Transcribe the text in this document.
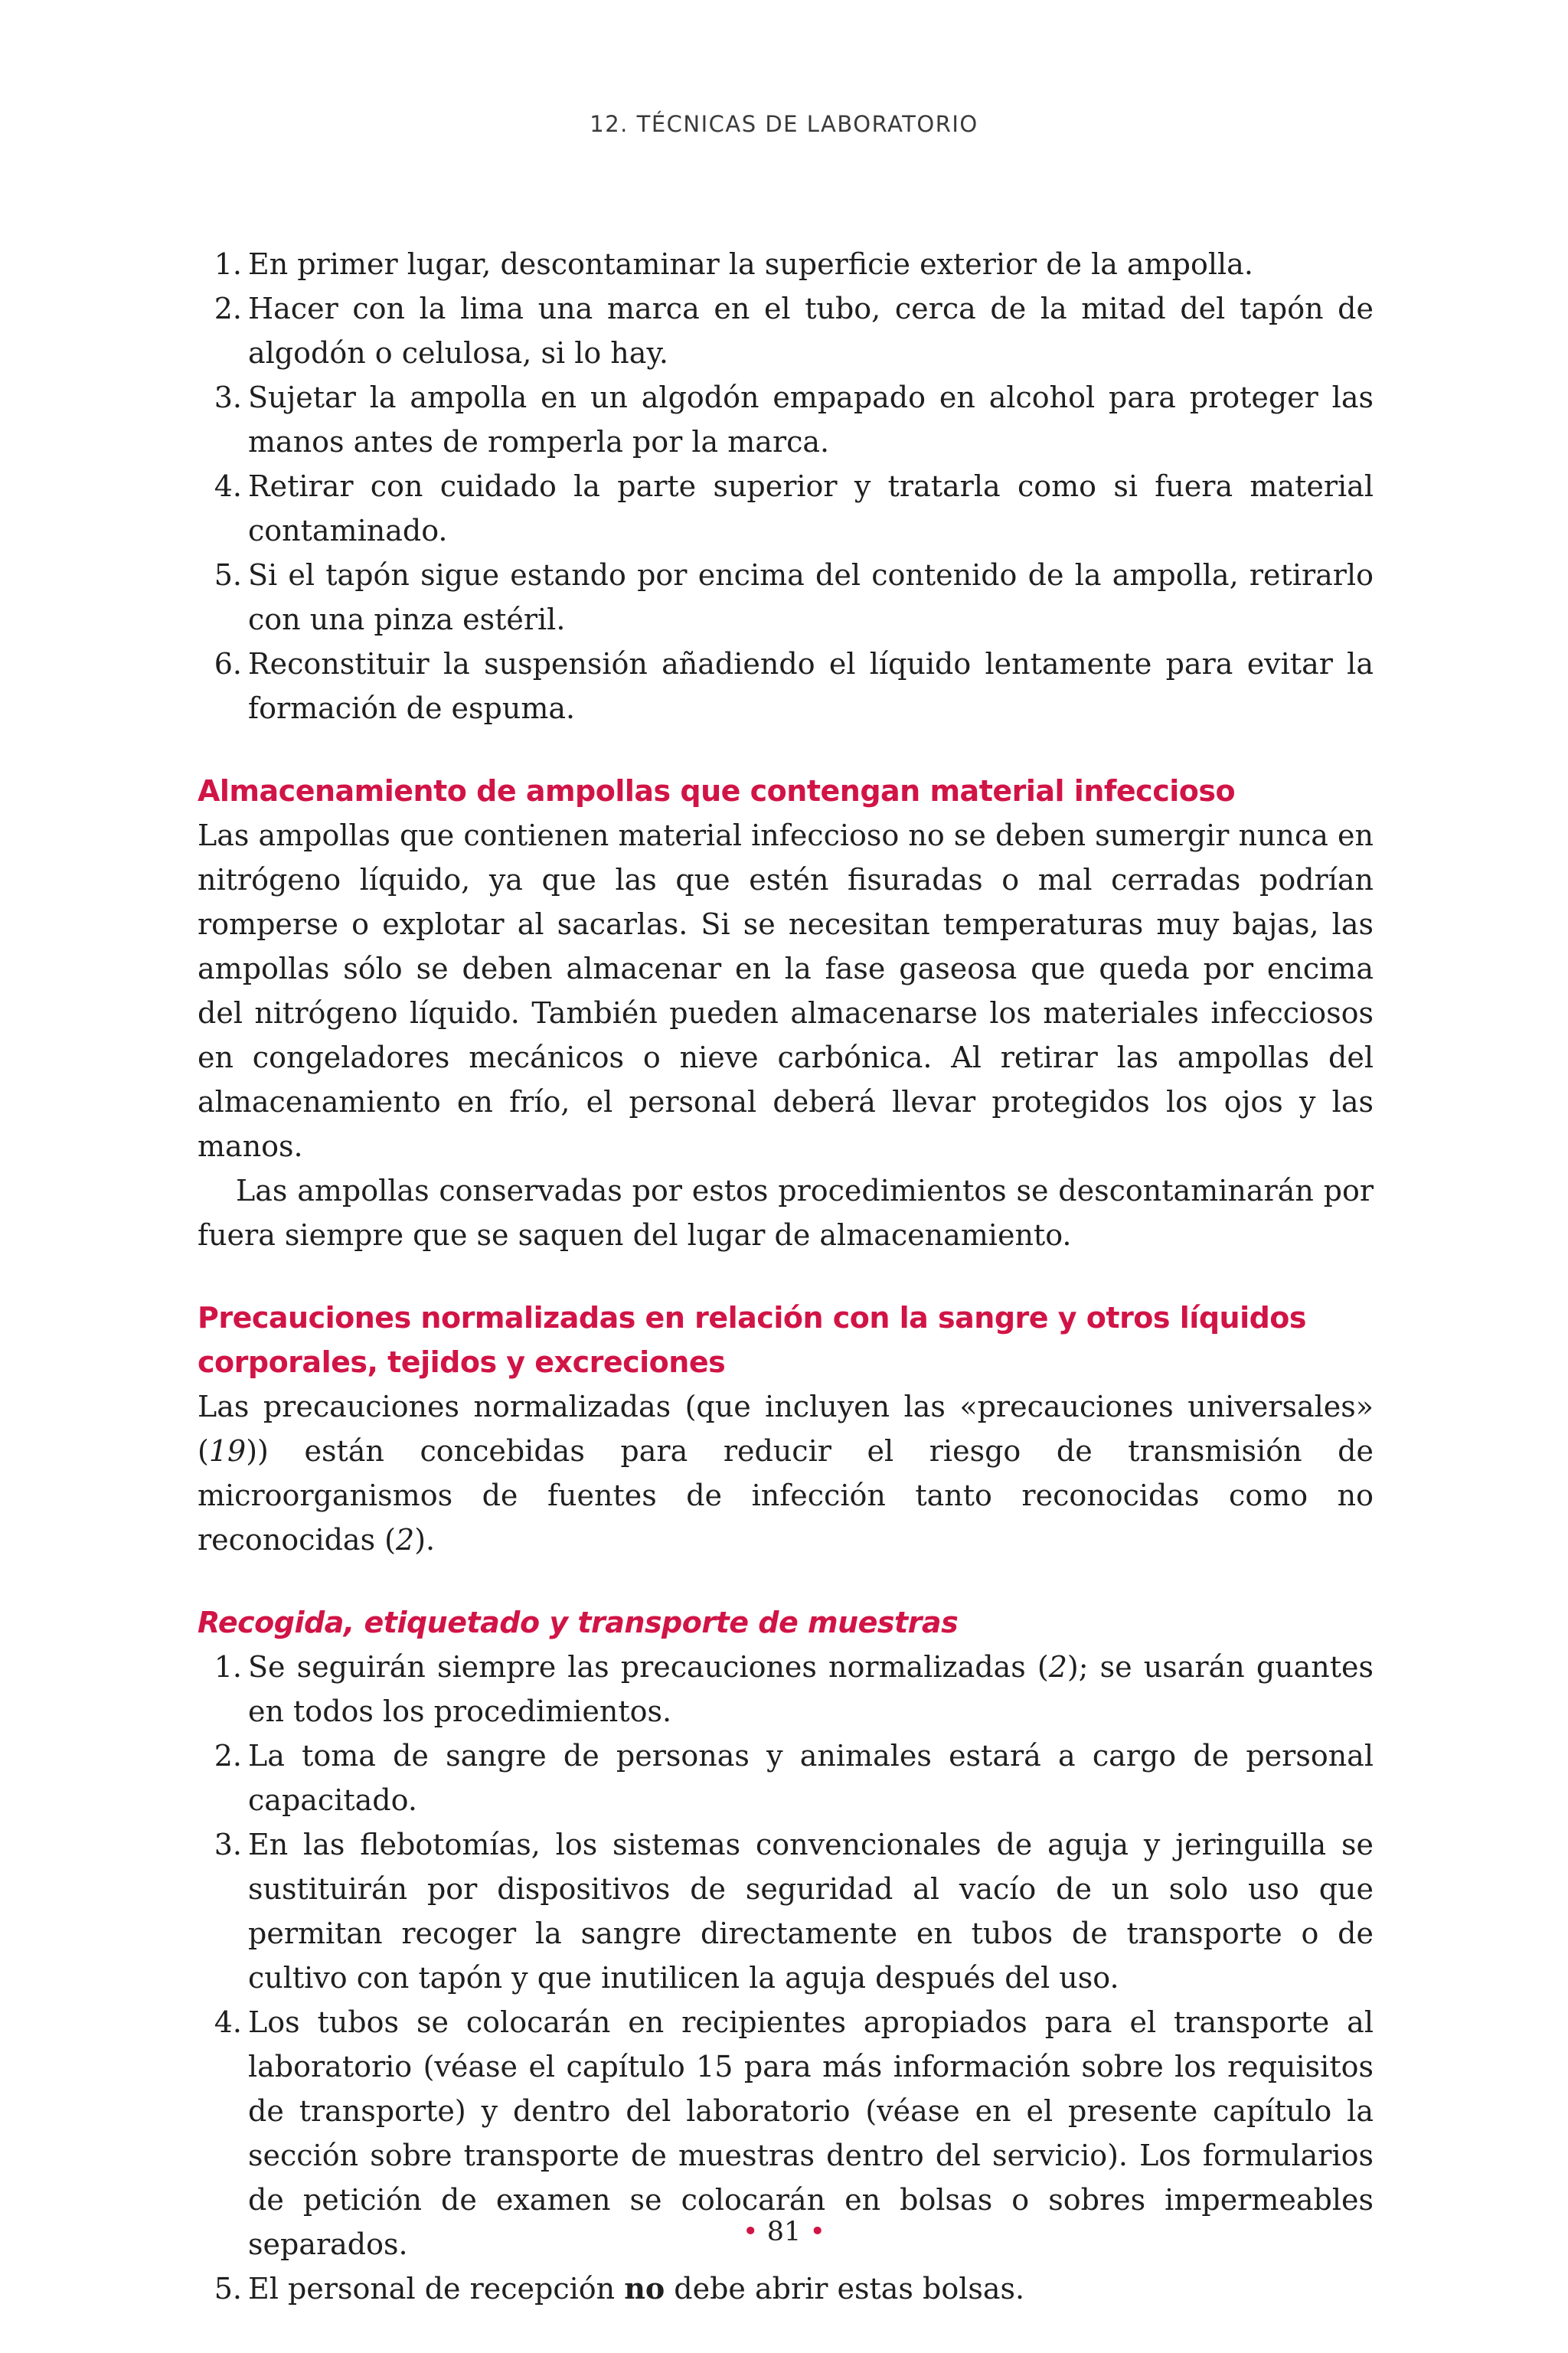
12. TÉCNICAS DE LABORATORIO
1. En primer lugar, descontaminar la superficie exterior de la ampolla.
2. Hacer con la lima una marca en el tubo, cerca de la mitad del tapón de algodón o celulosa, si lo hay.
3. Sujetar la ampolla en un algodón empapado en alcohol para proteger las manos antes de romperla por la marca.
4. Retirar con cuidado la parte superior y tratarla como si fuera material contaminado.
5. Si el tapón sigue estando por encima del contenido de la ampolla, retirarlo con una pinza estéril.
6. Reconstituir la suspensión añadiendo el líquido lentamente para evitar la formación de espuma.
Almacenamiento de ampollas que contengan material infeccioso

Las ampollas que contienen material infeccioso no se deben sumergir nunca en nitrógeno líquido, ya que las que estén fisuradas o mal cerradas podrían romperse o explotar al sacarlas. Si se necesitan temperaturas muy bajas, las ampollas sólo se deben almacenar en la fase gaseosa que queda por encima del nitrógeno líquido. También pueden almacenarse los materiales infecciosos en congeladores mecánicos o nieve carbónica. Al retirar las ampollas del almacenamiento en frío, el personal deberá llevar protegidos los ojos y las manos.

Las ampollas conservadas por estos procedimientos se descontaminarán por fuera siempre que se saquen del lugar de almacenamiento.

Precauciones normalizadas en relación con la sangre y otros líquidos corporales, tejidos y excreciones

Las precauciones normalizadas (que incluyen las «precauciones universales» (19)) están concebidas para reducir el riesgo de transmisión de microorganismos de fuentes de infección tanto reconocidas como no reconocidas (2).

Recogida, etiquetado y transporte de muestras
1. Se seguirán siempre las precauciones normalizadas (2); se usarán guantes en todos los procedimientos.
2. La toma de sangre de personas y animales estará a cargo de personal capacitado.
3. En las flebotomías, los sistemas convencionales de aguja y jeringuilla se sustituirán por dispositivos de seguridad al vacío de un solo uso que permitan recoger la sangre directamente en tubos de transporte o de cultivo con tapón y que inutilicen la aguja después del uso.
4. Los tubos se colocarán en recipientes apropiados para el transporte al laboratorio (véase el capítulo 15 para más información sobre los requisitos de transporte) y dentro del laboratorio (véase en el presente capítulo la sección sobre transporte de muestras dentro del servicio). Los formularios de petición de examen se colocarán en bolsas o sobres impermeables separados.
5. El personal de recepción no debe abrir estas bolsas.
• 81 •
